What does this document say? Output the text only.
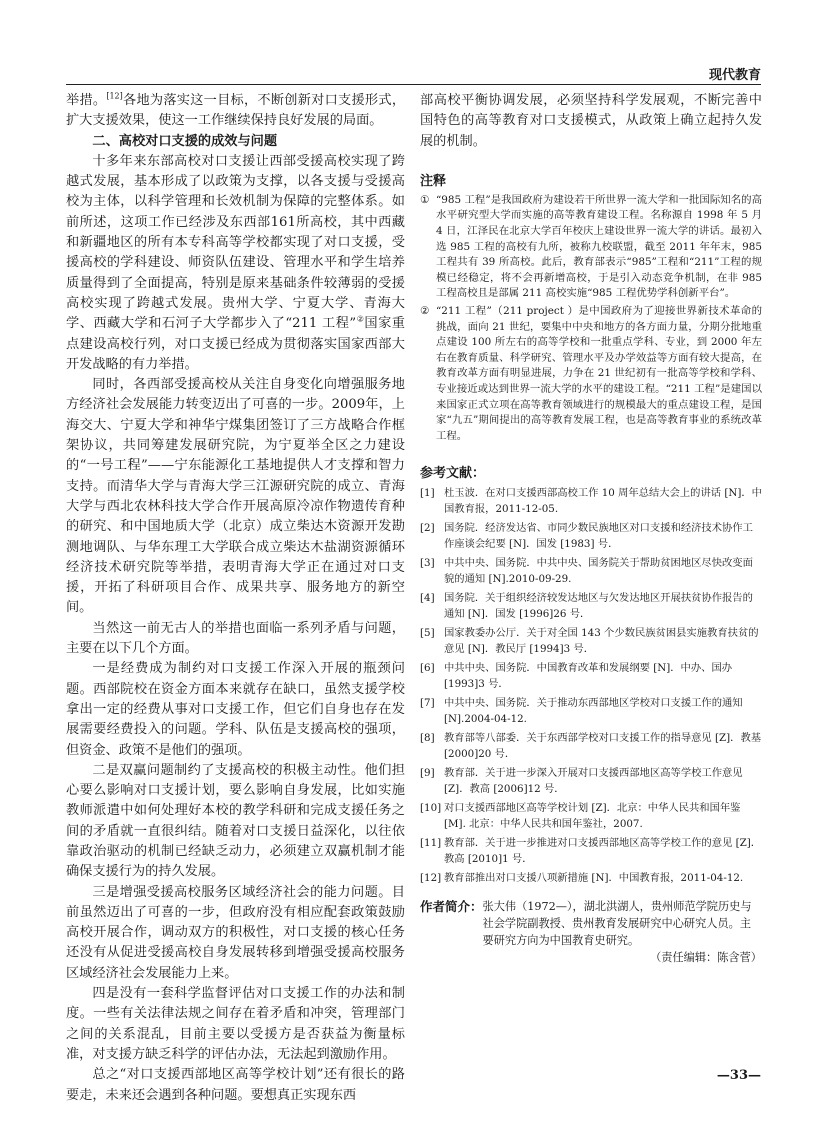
现代教育

举措。[12]各地为落实这一目标，不断创新对口支援形式，扩大支援效果，使这一工作继续保持良好发展的局面。

二、高校对口支援的成效与问题

十多年来东部高校对口支援让西部受援高校实现了跨越式发展，基本形成了以政策为支撑，以各支援与受援高校为主体，以科学管理和长效机制为保障的完整体系。如前所述，这项工作已经涉及东西部161所高校，其中西藏和新疆地区的所有本专科高等学校都实现了对口支援，受援高校的学科建设、师资队伍建设、管理水平和学生培养质量得到了全面提高，特别是原来基础条件较薄弱的受援高校实现了跨越式发展。贵州大学、宁夏大学、青海大学、西藏大学和石河子大学都步入了“211 工程”②国家重点建设高校行列，对口支援已经成为贯彻落实国家西部大开发战略的有力举措。

同时，各西部受援高校从关注自身变化向增强服务地方经济社会发展能力转变迈出了可喜的一步。2009年，上海交大、宁夏大学和神华宁煤集团签订了三方战略合作框架协议，共同筹建发展研究院，为宁夏举全区之力建设的“一号工程”——宁东能源化工基地提供人才支撑和智力支持。而清华大学与青海大学三江源研究院的成立、青海大学与西北农林科技大学合作开展高原冷凉作物遗传育种的研究、和中国地质大学（北京）成立柴达木资源开发勘测地调队、与华东理工大学联合成立柴达木盐湖资源循环经济技术研究院等举措，表明青海大学正在通过对口支援，开拓了科研项目合作、成果共享、服务地方的新空间。

当然这一前无古人的举措也面临一系列矛盾与问题，主要在以下几个方面。

一是经费成为制约对口支援工作深入开展的瓶颈问题。西部院校在资金方面本来就存在缺口，虽然支援学校拿出一定的经费从事对口支援工作，但它们自身也存在发展需要经费投入的问题。学科、队伍是支援高校的强项，但资金、政策不是他们的强项。

二是双赢问题制约了支援高校的积极主动性。他们担心要么影响对口支援计划，要么影响自身发展，比如实施教师派遣中如何处理好本校的教学科研和完成支援任务之间的矛盾就一直很纠结。随着对口支援日益深化，以往依靠政治驱动的机制已经缺乏动力，必须建立双赢机制才能确保支援行为的持久发展。

三是增强受援高校服务区域经济社会的能力问题。目前虽然迈出了可喜的一步，但政府没有相应配套政策鼓励高校开展合作，调动双方的积极性，对口支援的核心任务还没有从促进受援高校自身发展转移到增强受援高校服务区域经济社会发展能力上来。

四是没有一套科学监督评估对口支援工作的办法和制度。一些有关法律法规之间存在着矛盾和冲突，管理部门之间的关系混乱，目前主要以受援方是否获益为衡量标准，对支援方缺乏科学的评估办法，无法起到激励作用。

总之“对口支援西部地区高等学校计划”还有很长的路要走，未来还会遇到各种问题。要想真正实现东西

部高校平衡协调发展，必须坚持科学发展观，不断完善中国特色的高等教育对口支援模式，从政策上确立起持久发展的机制。

注释
① “985 工程”是我国政府为建设若干所世界一流大学和一批国际知名的高水平研究型大学而实施的高等教育建设工程。名称源自 1998 年 5 月 4 日，江泽民在北京大学百年校庆上建设世界一流大学的讲话。最初入选 985 工程的高校有九所，被称九校联盟，截至 2011 年年末，985 工程共有 39 所高校。此后，教育部表示“985”工程和“211”工程的规模已经稳定，将不会再新增高校，于是引入动态竞争机制，在非 985 工程高校且是部属 211 高校实施“985 工程优势学科创新平台”。
② “211 工程”（211 project ）是中国政府为了迎接世界新技术革命的挑战，面向 21 世纪，要集中中央和地方的各方面力量，分期分批地重点建设 100 所左右的高等学校和一批重点学科、专业，到 2000 年左右在教育质量、科学研究、管理水平及办学效益等方面有较大提高，在教育改革方面有明显进展，力争在 21 世纪初有一批高等学校和学科、专业接近或达到世界一流大学的水平的建设工程。“211 工程”是建国以来国家正式立项在高等教育领域进行的规模最大的重点建设工程，是国家“九五”期间提出的高等教育发展工程，也是高等教育事业的系统改革工程。
参考文献：
[1] 杜玉波．在对口支援西部高校工作 10 周年总结大会上的讲话 [N]．中国教育报，2011-12-05.
[2] 国务院．经济发达省、市同少数民族地区对口支援和经济技术协作工作座谈会纪要 [N]．国发 [1983] 号．
[3] 中共中央、国务院．中共中央、国务院关于帮助贫困地区尽快改变面貌的通知 [N].2010-09-29.
[4] 国务院．关于组织经济较发达地区与欠发达地区开展扶贫协作报告的通知 [N]．国发 [1996]26 号．
[5] 国家教委办公厅．关于对全国 143 个少数民族贫困县实施教育扶贫的意见 [N]．教民厅 [1994]3 号．
[6] 中共中央、国务院．中国教育改革和发展纲要 [N]．中办、国办 [1993]3 号．
[7] 中共中央、国务院．关于推动东西部地区学校对口支援工作的通知 [N].2004-04-12.
[8] 教育部等八部委．关于东西部学校对口支援工作的指导意见 [Z]．教基 [2000]20 号．
[9] 教育部．关于进一步深入开展对口支援西部地区高等学校工作意见 [Z]．教高 [2006]12 号．
[10] 对口支援西部地区高等学校计划 [Z]．北京：中华人民共和国年鉴 [M]. 北京：中华人民共和国年鉴社，2007.
[11] 教育部．关于进一步推进对口支援西部地区高等学校工作的意见 [Z]．教高 [2010]1 号．
[12] 教育部推出对口支援八项新措施 [N]．中国教育报，2011-04-12.
作者简介： 张大伟（1972—），湖北洪湖人，贵州师范学院历史与社会学院副教授、贵州教育发展研究中心研究人员。主要研究方向为中国教育史研究。
（责任编辑：陈含菅）
—33—
